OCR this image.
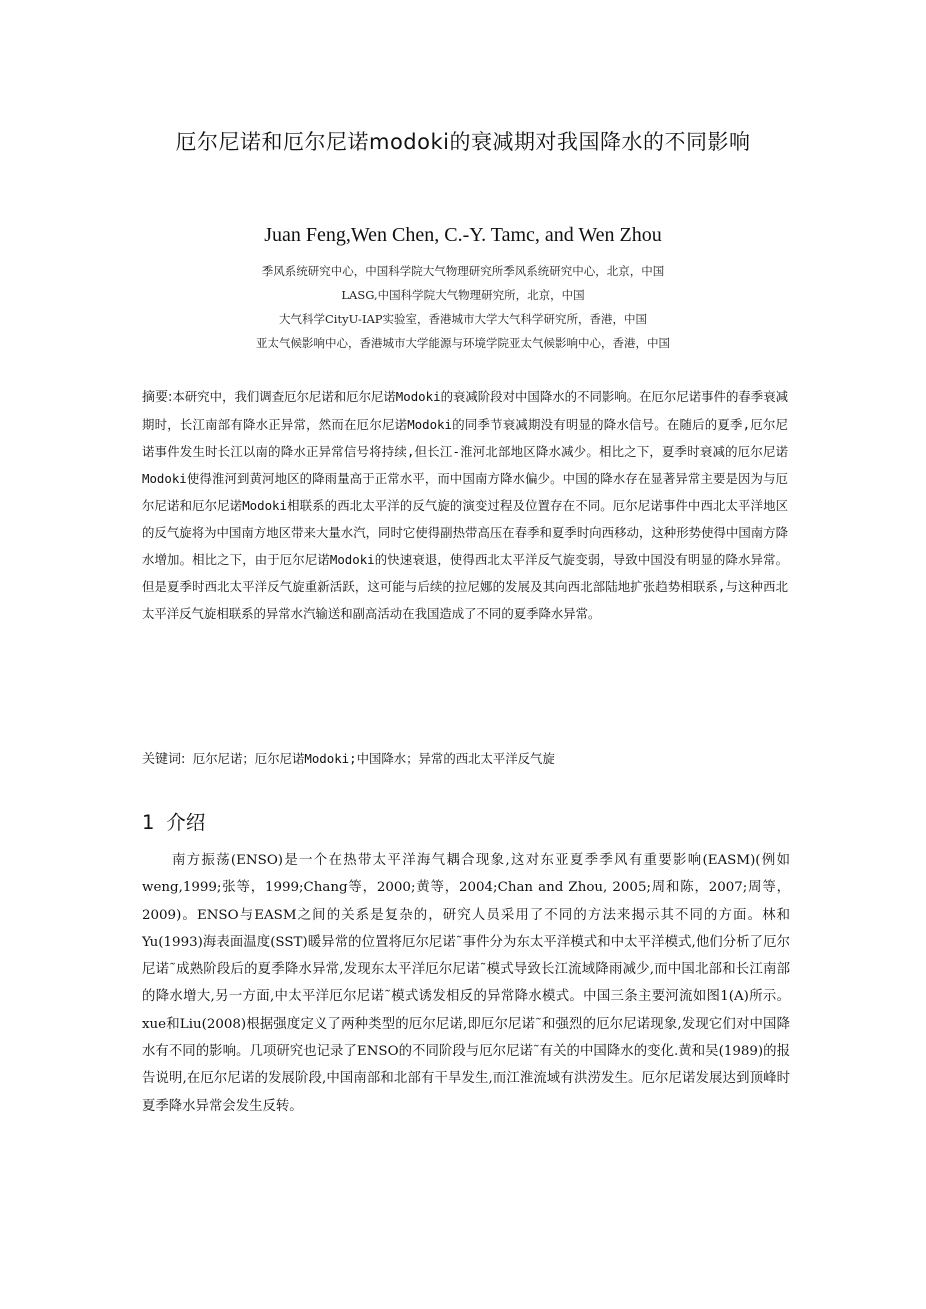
厄尔尼诺和厄尔尼诺modoki的衰减期对我国降水的不同影响
Juan Feng,Wen Chen, C.-Y. Tamc, and Wen Zhou
季风系统研究中心，中国科学院大气物理研究所季风系统研究中心，北京，中国
LASG,中国科学院大气物理研究所，北京，中国
大气科学CityU-IAP实验室，香港城市大学大气科学研究所，香港，中国
亚太气候影响中心，香港城市大学能源与环境学院亚太气候影响中心，香港，中国
摘要:本研究中，我们调查厄尔尼诺和厄尔尼诺Modoki的衰减阶段对中国降水的不同影响。在厄尔尼诺事件的春季衰减期时，长江南部有降水正异常，然而在厄尔尼诺Modoki的同季节衰减期没有明显的降水信号。在随后的夏季,厄尔尼诺事件发生时长江以南的降水正异常信号将持续,但长江-淮河北部地区降水减少。相比之下，夏季时衰减的厄尔尼诺Modoki使得淮河到黄河地区的降雨量高于正常水平，而中国南方降水偏少。中国的降水存在显著异常主要是因为与厄尔尼诺和厄尔尼诺Modoki相联系的西北太平洋的反气旋的演变过程及位置存在不同。厄尔尼诺事件中西北太平洋地区的反气旋将为中国南方地区带来大量水汽，同时它使得副热带高压在春季和夏季时向西移动，这种形势使得中国南方降水增加。相比之下，由于厄尔尼诺Modoki的快速衰退，使得西北太平洋反气旋变弱，导致中国没有明显的降水异常。但是夏季时西北太平洋反气旋重新活跃，这可能与后续的拉尼娜的发展及其向西北部陆地扩张趋势相联系,与这种西北太平洋反气旋相联系的异常水汽输送和副高活动在我国造成了不同的夏季降水异常。
关键词: 厄尔尼诺；厄尔尼诺Modoki;中国降水；异常的西北太平洋反气旋
1 介绍

南方振荡(ENSO)是一个在热带太平洋海气耦合现象,这对东亚夏季季风有重要影响(EASM)(例如weng,1999;张等，1999;Chang等，2000;黄等，2004;Chan and Zhou, 2005;周和陈，2007;周等，2009)。ENSO与EASM之间的关系是复杂的，研究人员采用了不同的方法来揭示其不同的方面。林和Yu(1993)海表面温度(SST)暖异常的位置将厄尔尼诺˜事件分为东太平洋模式和中太平洋模式,他们分析了厄尔尼诺˜成熟阶段后的夏季降水异常,发现东太平洋厄尔尼诺˜模式导致长江流域降雨减少,而中国北部和长江南部的降水增大,另一方面,中太平洋厄尔尼诺˜模式诱发相反的异常降水模式。中国三条主要河流如图1(A)所示。xue和Liu(2008)根据强度定义了两种类型的厄尔尼诺,即厄尔尼诺˜和强烈的厄尔尼诺现象,发现它们对中国降水有不同的影响。几项研究也记录了ENSO的不同阶段与厄尔尼诺˜有关的中国降水的变化.黄和吴(1989)的报告说明,在厄尔尼诺的发展阶段,中国南部和北部有干旱发生,而江淮流域有洪涝发生。厄尔尼诺发展达到顶峰时夏季降水异常会发生反转。
